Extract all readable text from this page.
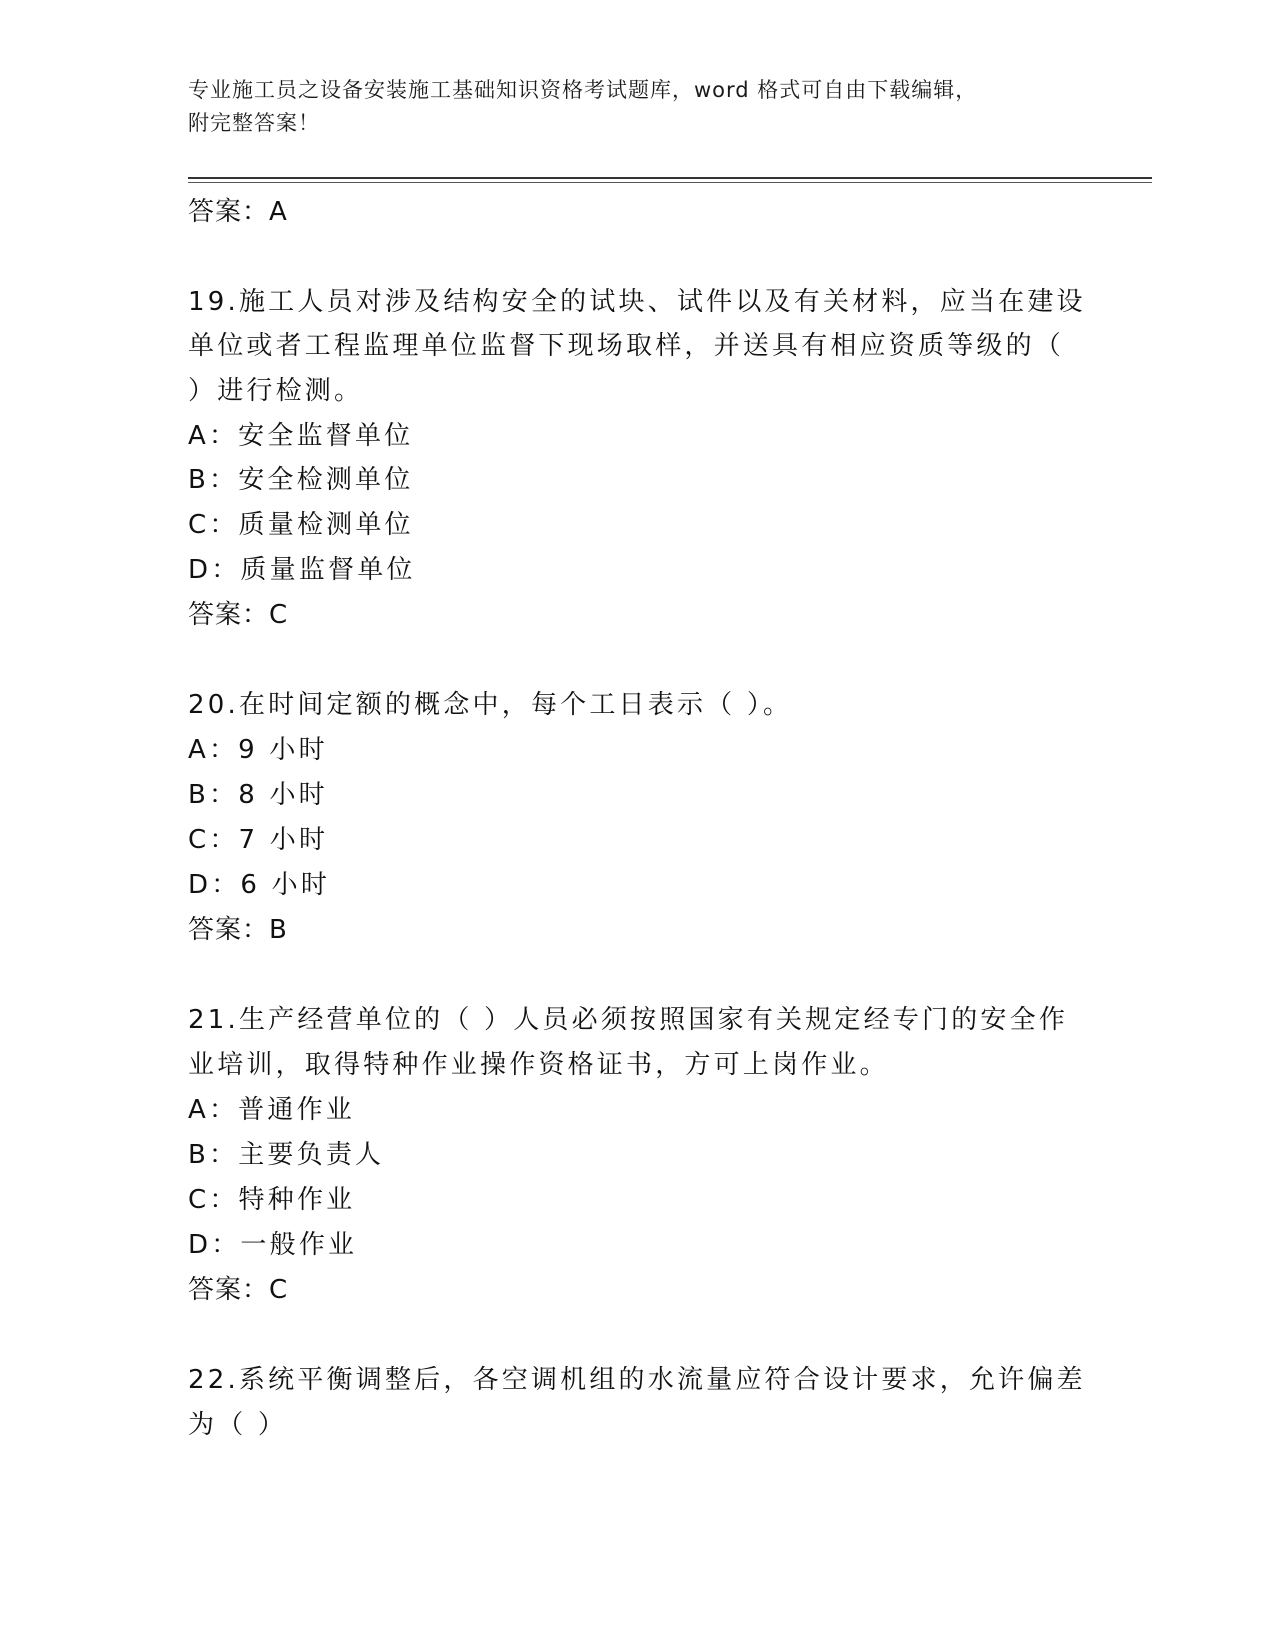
专业施工员之设备安装施工基础知识资格考试题库，word 格式可自由下载编辑，
附完整答案！
答案：A
19.施工人员对涉及结构安全的试块、试件以及有关材料，应当在建设
单位或者工程监理单位监督下现场取样，并送具有相应资质等级的（
）进行检测。
A：安全监督单位
B：安全检测单位
C：质量检测单位
D：质量监督单位
答案：C
20.在时间定额的概念中，每个工日表示（ ）。
A：9 小时
B：8 小时
C：7 小时
D：6 小时
答案：B
21.生产经营单位的（ ）人员必须按照国家有关规定经专门的安全作
业培训，取得特种作业操作资格证书，方可上岗作业。
A：普通作业
B：主要负责人
C：特种作业
D：一般作业
答案：C
22.系统平衡调整后，各空调机组的水流量应符合设计要求，允许偏差
为（ ）
